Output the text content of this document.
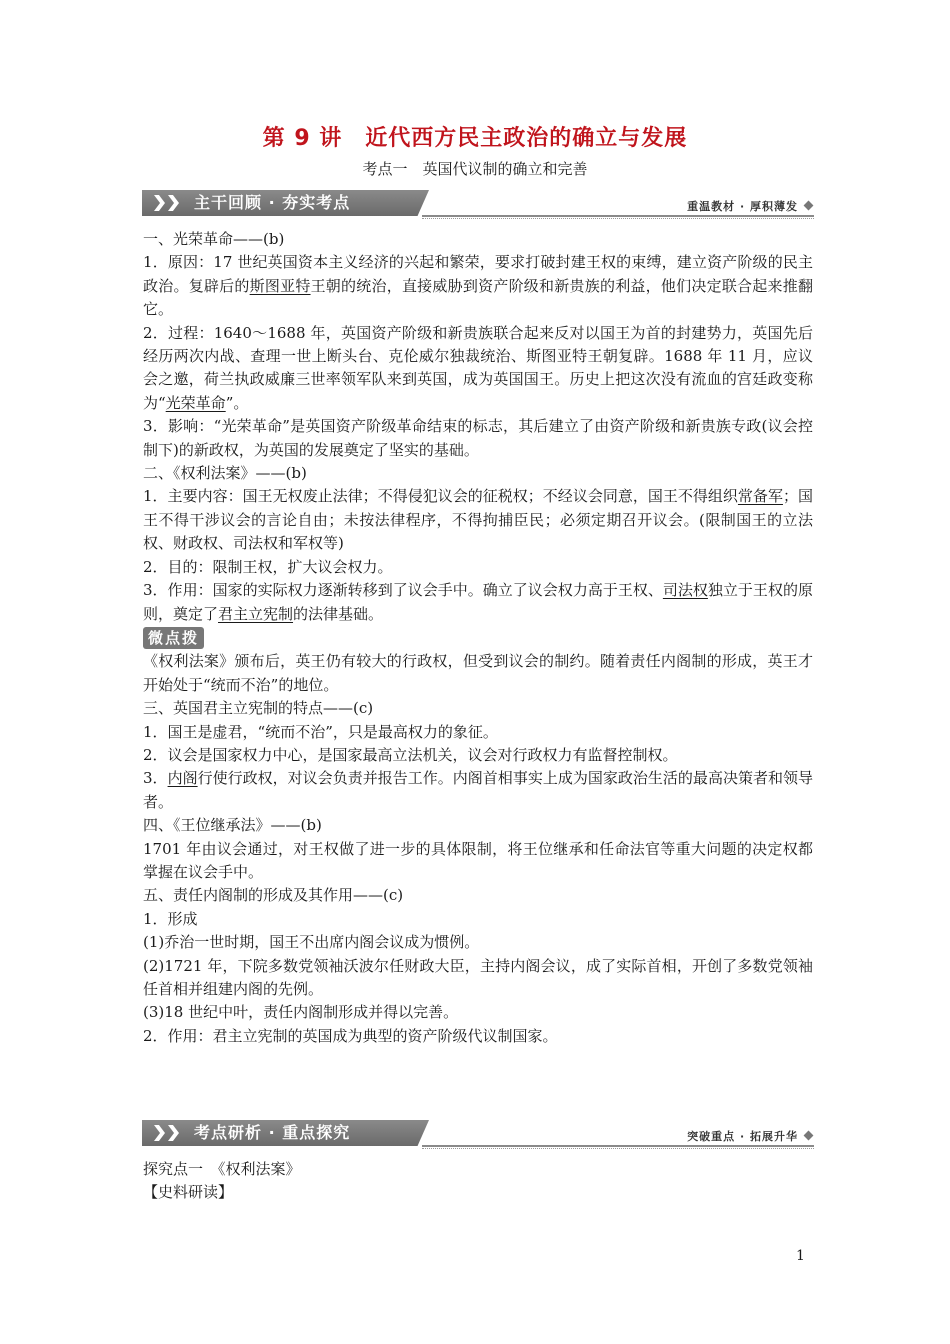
第 9 讲　近代西方民主政治的确立与发展
考点一　英国代议制的确立和完善
主干回顾 · 夯实考点	重温教材 · 厚积薄发

一、光荣革命——(b)

1．原因：17 世纪英国资本主义经济的兴起和繁荣，要求打破封建王权的束缚，建立资产阶级的民主政治。复辟后的斯图亚特王朝的统治，直接威胁到资产阶级和新贵族的利益，他们决定联合起来推翻它。

2．过程：1640～1688 年，英国资产阶级和新贵族联合起来反对以国王为首的封建势力，英国先后经历两次内战、查理一世上断头台、克伦威尔独裁统治、斯图亚特王朝复辟。1688 年 11 月，应议会之邀，荷兰执政威廉三世率领军队来到英国，成为英国国王。历史上把这次没有流血的宫廷政变称为“光荣革命”。

3．影响：“光荣革命”是英国资产阶级革命结束的标志，其后建立了由资产阶级和新贵族专政(议会控制下)的新政权，为英国的发展奠定了坚实的基础。

二、《权利法案》——(b)

1．主要内容：国王无权废止法律；不得侵犯议会的征税权；不经议会同意，国王不得组织常备军；国王不得干涉议会的言论自由；未按法律程序，不得拘捕臣民；必须定期召开议会。(限制国王的立法权、财政权、司法权和军权等)

2．目的：限制王权，扩大议会权力。

3．作用：国家的实际权力逐渐转移到了议会手中。确立了议会权力高于王权、司法权独立于王权的原则，奠定了君主立宪制的法律基础。

微点拨

《权利法案》颁布后，英王仍有较大的行政权，但受到议会的制约。随着责任内阁制的形成，英王才开始处于“统而不治”的地位。

三、英国君主立宪制的特点——(c)

1．国王是虚君，“统而不治”，只是最高权力的象征。

2．议会是国家权力中心，是国家最高立法机关，议会对行政权力有监督控制权。

3．内阁行使行政权，对议会负责并报告工作。内阁首相事实上成为国家政治生活的最高决策者和领导者。

四、《王位继承法》——(b)

1701 年由议会通过，对王权做了进一步的具体限制，将王位继承和任命法官等重大问题的决定权都掌握在议会手中。

五、责任内阁制的形成及其作用——(c)

1．形成

(1)乔治一世时期，国王不出席内阁会议成为惯例。

(2)1721 年，下院多数党领袖沃波尔任财政大臣，主持内阁会议，成了实际首相，开创了多数党领袖任首相并组建内阁的先例。

(3)18 世纪中叶，责任内阁制形成并得以完善。

2．作用：君主立宪制的英国成为典型的资产阶级代议制国家。

考点研析 · 重点探究	突破重点 · 拓展升华

探究点一　《权利法案》

【史料研读】

1
